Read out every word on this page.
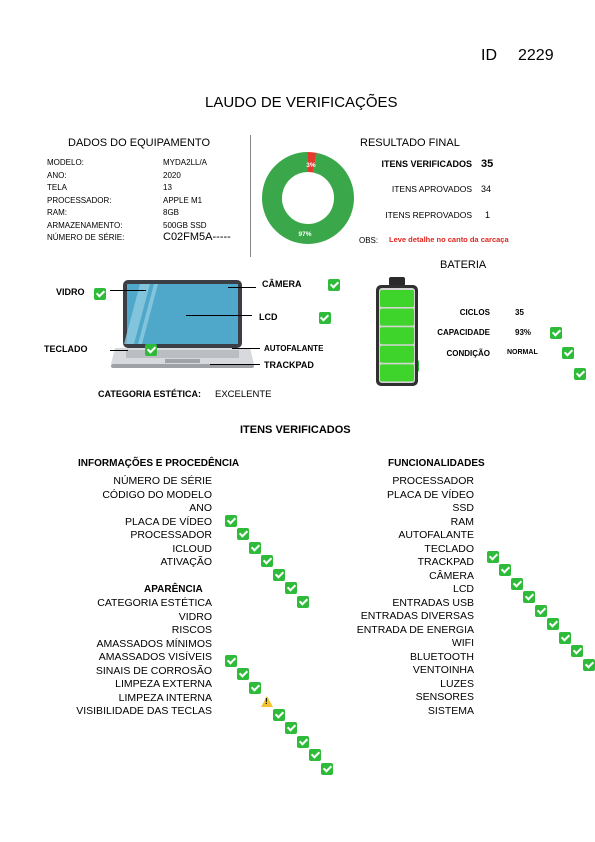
ID 2229
LAUDO DE VERIFICAÇÕES
DADOS DO EQUIPAMENTO
MODELO:	MYDA2LL/A
ANO:	2020
TELA	13
PROCESSADOR:	APPLE M1
RAM:	8GB
ARMAZENAMENTO:	500GB SSD
NÚMERO DE SÉRIE:	C02FM5A-----
RESULTADO FINAL
3%
97%
ITENS VERIFICADOS 35
ITENS APROVADOS 34
ITENS REPROVADOS 1
OBS: Leve detalhe no canto da carcaça
VIDRO

CÂMERA

LCD

TECLADO
	AUTOFALANTE

TRACKPAD
BATERIA
CICLOS	35
CAPACIDADE	93%
CONDIÇÃO NORMAL
CATEGORIA ESTÉTICA: EXCELENTE
ITENS VERIFICADOS
INFORMAÇÕES E PROCEDÊNCIA	FUNCIONALIDADES
NÚMERO DE SÉRIE
CÓDIGO DO MODELO
ANO
PLACA DE VÍDEO
PROCESSADOR
ICLOUD
ATIVAÇÃO
APARÊNCIA
CATEGORIA ESTÉTICA
VIDRO
RISCOS
AMASSADOS MÍNIMOS
!
AMASSADOS VISÍVEIS
SINAIS DE CORROSÃO
LIMPEZA EXTERNA
LIMPEZA INTERNA
VISIBILIDADE DAS TECLAS
PROCESSADOR
PLACA DE VÍDEO
SSD
RAM
AUTOFALANTE
TECLADO
TRACKPAD
CÂMERA
LCD
ENTRADAS USB
ENTRADAS DIVERSAS
ENTRADA DE ENERGIA
WIFI
BLUETOOTH
VENTOINHA
LUZES
SENSORES
SISTEMA
